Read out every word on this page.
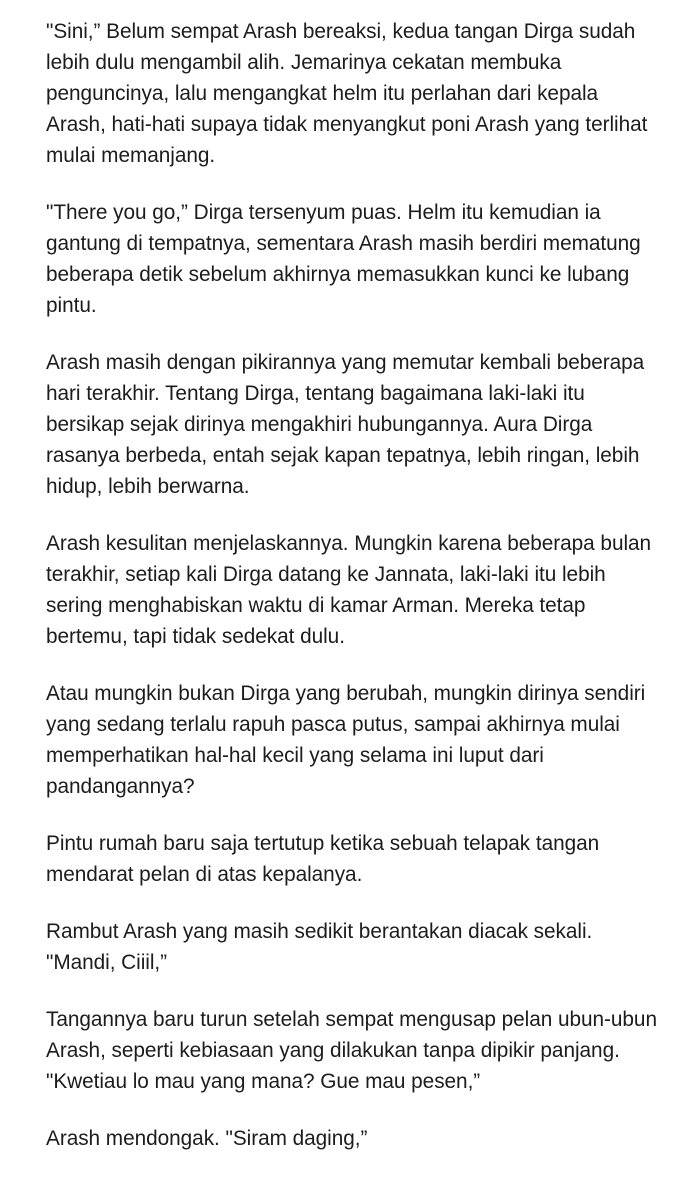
"Sini,” Belum sempat Arash bereaksi, kedua tangan Dirga sudah lebih dulu mengambil alih. Jemarinya cekatan membuka penguncinya, lalu mengangkat helm itu perlahan dari kepala Arash, hati-hati supaya tidak menyangkut poni Arash yang terlihat mulai memanjang.

"There you go,” Dirga tersenyum puas. Helm itu kemudian ia gantung di tempatnya, sementara Arash masih berdiri mematung beberapa detik sebelum akhirnya memasukkan kunci ke lubang pintu.

Arash masih dengan pikirannya yang memutar kembali beberapa hari terakhir. Tentang Dirga, tentang bagaimana laki-laki itu bersikap sejak dirinya mengakhiri hubungannya. Aura Dirga rasanya berbeda, entah sejak kapan tepatnya, lebih ringan, lebih hidup, lebih berwarna.

Arash kesulitan menjelaskannya. Mungkin karena beberapa bulan terakhir, setiap kali Dirga datang ke Jannata, laki-laki itu lebih sering menghabiskan waktu di kamar Arman. Mereka tetap bertemu, tapi tidak sedekat dulu.

Atau mungkin bukan Dirga yang berubah, mungkin dirinya sendiri yang sedang terlalu rapuh pasca putus, sampai akhirnya mulai memperhatikan hal-hal kecil yang selama ini luput dari pandangannya?

Pintu rumah baru saja tertutup ketika sebuah telapak tangan mendarat pelan di atas kepalanya.

Rambut Arash yang masih sedikit berantakan diacak sekali. "Mandi, Ciiil,”

Tangannya baru turun setelah sempat mengusap pelan ubun-ubun Arash, seperti kebiasaan yang dilakukan tanpa dipikir panjang. "Kwetiau lo mau yang mana? Gue mau pesen,”

Arash mendongak. "Siram daging,”
